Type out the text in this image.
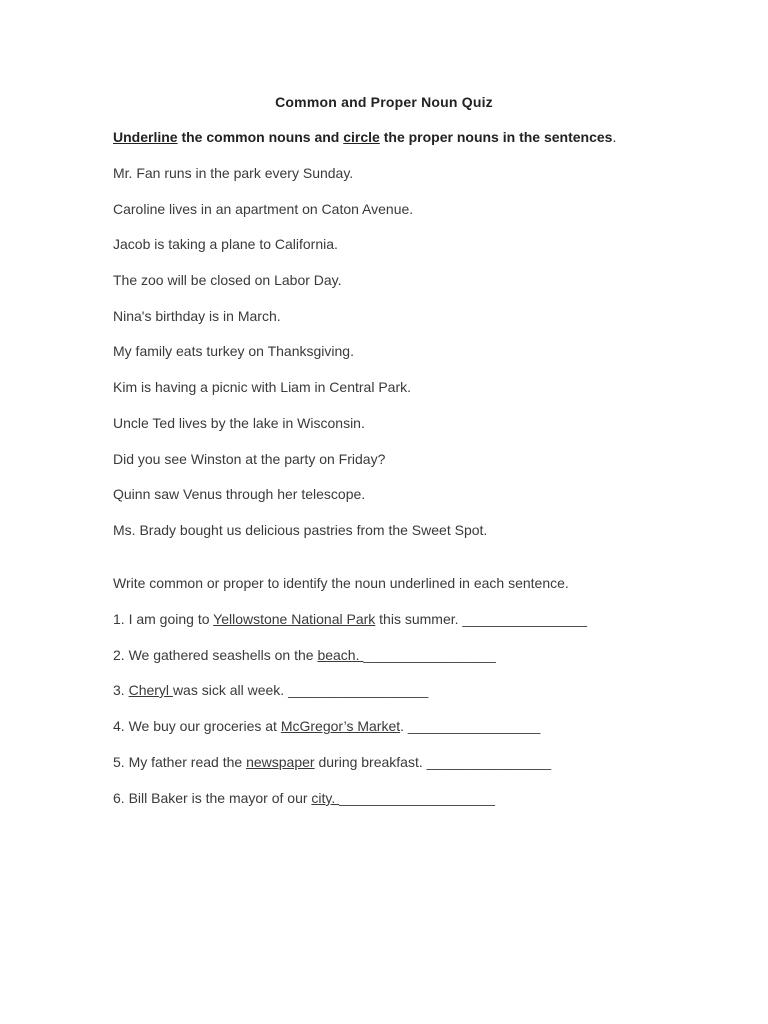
Common and Proper Noun Quiz
Underline the common nouns and circle the proper nouns in the sentences.
Mr. Fan runs in the park every Sunday.
Caroline lives in an apartment on Caton Avenue.
Jacob is taking a plane to California.
The zoo will be closed on Labor Day.
Nina's birthday is in March.
My family eats turkey on Thanksgiving.
Kim is having a picnic with Liam in Central Park.
Uncle Ted lives by the lake in Wisconsin.
Did you see Winston at the party on Friday?
Quinn saw Venus through her telescope.
Ms. Brady bought us delicious pastries from the Sweet Spot.
Write common or proper to identify the noun underlined in each sentence.
1. I am going to Yellowstone National Park this summer. ________________
2. We gathered seashells on the beach. _________________
3. Cheryl was sick all week. __________________
4. We buy our groceries at McGregor’s Market. _________________
5. My father read the newspaper during breakfast. ________________
6. Bill Baker is the mayor of our city. ____________________
